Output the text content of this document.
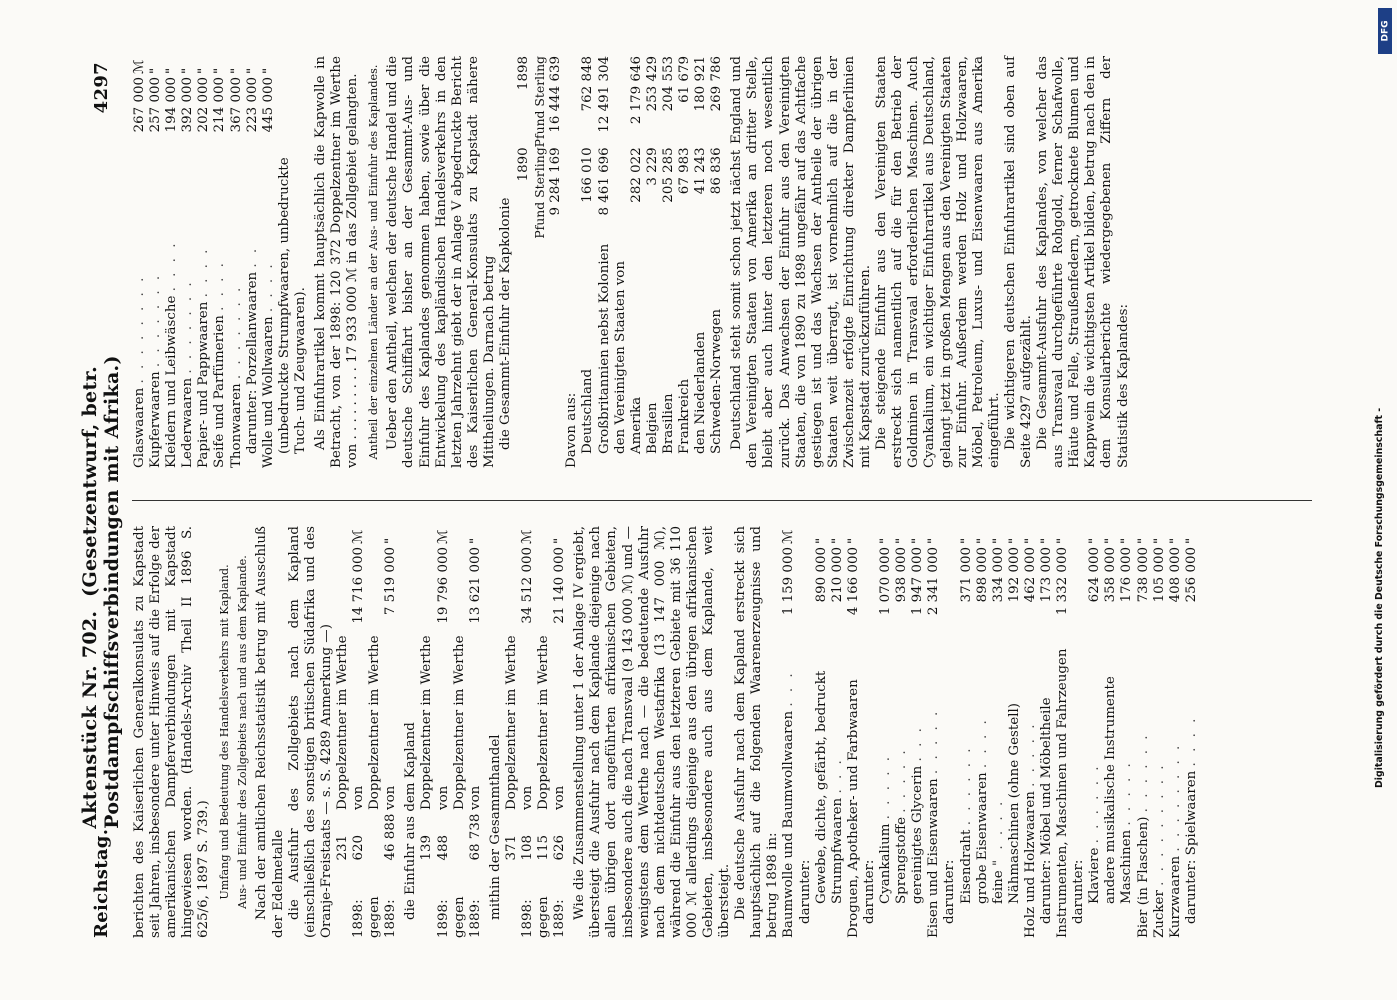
Reichstag.
Aktenstück Nr. 702.  (Gesetzentwurf, betr. Postdampfschiffsverbindungen mit Afrika.)
4297

berichten des Kaiserlichen Generalkonsulats zu Kapstadt seit Jahren, insbesondere unter Hinweis auf die Erfolge der amerikanischen Dampferverbindungen mit Kapstadt hingewiesen worden. (Handels-Archiv Theil II 1896 S. 625/6, 1897 S. 739.) Umfang und Bedeutung des Handelsverkehrs mit Kapland. Aus- und Einfuhr des Zollgebiets nach und aus dem Kaplande. Nach der amtlichen Reichsstatistik betrug mit Ausschluß der Edelmetalle die Ausfuhr des Zollgebiets nach dem Kapland (einschließlich des sonstigen britischen Südafrika und des Oranje-Freistaats — s. S. 4289 Anmerkung —) 1898:	231 620	Doppelzentner im Werthe von	14 716 000	ℳ
gegen 1889:	46 888	Doppelzentner im Werthe von	7 519 000	"

die Einfuhr aus dem Kapland 1898:	139 488	Doppelzentner im Werthe von	19 796 000	ℳ
gegen 1889:	68 738	Doppelzentner im Werthe von	13 621 000	"

mithin der Gesammthandel 1898:	371 108	Doppelzentner im Werthe von	34 512 000	ℳ
gegen 1889:	115 626	Doppelzentner im Werthe von	21 140 000	" Wie die Zusammenstellung unter 1 der Anlage IV ergiebt, übersteigt die Ausfuhr nach dem Kaplande diejenige nach allen übrigen dort angeführten afrikanischen Gebieten, insbesondere auch die nach Transvaal (9 143 000 ℳ) und — wenigstens dem Werthe nach — die bedeutende Ausfuhr nach dem nichtdeutschen Westafrika (13 147 000 ℳ), während die Einfuhr aus den letzteren Gebiete mit 36 110 000 ℳ allerdings diejenige aus den übrigen afrikanischen Gebieten, insbesondere auch aus dem Kaplande, weit übersteigt. Die deutsche Ausfuhr nach dem Kapland erstreckt sich hauptsächlich auf die folgenden Waarenerzeugnisse und betrug 1898 in: Baumwolle und Baumwollwaaren . . .	1 159 000	ℳ
darunter:		
Gewebe, dichte, gefärbt, bedruckt	890 000	"
Strumpfwaaren . . .	210 000	"
Droguen, Apotheker- und Farbwaaren	4 166 000	"
darunter:		
Cyankalium . . . . .	1 070 000	"
Sprengstoffe . . . . .	938 000	"
gereinigtes Glycerin . . .	1 947 000	"
Eisen und Eisenwaaren . . . . .	2 341 000	"
darunter:		
Eisendraht . . . . . .	371 000	"
grobe Eisenwaaren . . . .	898 000	"
feine " . . . .	334 000	"
Nähmaschinen (ohne Gestell)	192 000	"
Holz und Holzwaaren . . . . .	462 000	"
darunter: Möbel und Möbeltheile	173 000	"
Instrumenten, Maschinen und Fahrzeugen	1 332 000	"
darunter:		
Klaviere . . . . . .	624 000	"
andere musikalische Instrumente	358 000	"
Maschinen . . . . .	176 000	"
Bier (in Flaschen) . . . . . .	738 000	"
Zucker . . . . . . . . .	105 000	"
Kurzwaaren . . . . . . . .	408 000	"
darunter: Spielwaaren . . . .	256 000	"
Glaswaaren . . . . . . . .	267 000	ℳ
Kupferwaaren . . . . . . .	257 000	"
Kleidern und Leibwäsche . . . .	194 000	"
Lederwaaren . . . . . . .	392 000	"
Papier- und Pappwaaren . . . .	202 000	"
Seife und Parfümerien . . . .	214 000	"
Thonwaaren . . . . . . .	367 000	"
darunter: Porzellanwaaren . .	223 000	"
Wolle und Wollwaaren . . . .	445 000	"
(unbedruckte Strumpfwaaren, unbedruckte Tuch- und Zeugwaaren).		Als Einfuhrartikel kommt hauptsächlich die Kapwolle in Betracht, von der 1898: 120 372 Doppelzentner im Werthe von . . . . . . . . . 17 933 000 ℳ in das Zollgebiet gelangten. Antheil der einzelnen Länder an der Aus- und Einfuhr des Kaplandes. Ueber den Antheil, welchen der deutsche Handel und die deutsche Schiffahrt bisher an der Gesammt-Aus- und Einfuhr des Kaplandes genommen haben, sowie über die Entwickelung des kapländischen Handelsverkehrs in den letzten Jahrzehnt giebt der in Anlage V abgedruckte Bericht des Kaiserlichen General-Konsulats zu Kapstadt nähere Mittheilungen. Darnach betrug die Gesammt-Einfuhr der Kapkolonie

	1890	1898
	Pfund Sterling	Pfund Sterling
	9 284 169	16 444 639
Davon aus:		
Deutschland	166 010	762 848
Großbritannien nebst Kolonien	8 461 696	12 491 304
den Vereinigten Staaten von Amerika	282 022	2 179 646
Belgien	3 229	253 429
Brasilien	205 285	204 553
Frankreich	67 983	61 679
den Niederlanden	41 243	180 921
Schweden-Norwegen	86 836	269 786 Deutschland steht somit schon jetzt nächst England und den Vereinigten Staaten von Amerika an dritter Stelle, bleibt aber auch hinter den letzteren noch wesentlich zurück. Das Anwachsen der Einfuhr aus den Vereinigten Staaten, die von 1890 zu 1898 ungefähr auf das Achtfache gestiegen ist und das Wachsen der Antheile der übrigen Staaten weit überragt, ist vornehmlich auf die in der Zwischenzeit erfolgte Einrichtung direkter Dampferlinien mit Kapstadt zurückzuführen. Die steigende Einfuhr aus den Vereinigten Staaten erstreckt sich namentlich auf die für den Betrieb der Goldminen in Transvaal erforderlichen Maschinen. Auch Cyankalium, ein wichtiger Einfuhrartikel aus Deutschland, gelangt jetzt in großen Mengen aus den Vereinigten Staaten zur Einfuhr. Außerdem werden Holz und Holzwaaren, Möbel, Petroleum, Luxus- und Eisenwaaren aus Amerika eingeführt. Die wichtigeren deutschen Einfuhrartikel sind oben auf Seite 4297 aufgezählt. Die Gesammt-Ausfuhr des Kaplandes, von welcher das aus Transvaal durchgeführte Rohgold, ferner Schafwolle, Häute und Felle, Straußenfedern, getrocknete Blumen und Kappwein die wichtigsten Artikel bilden, betrug nach den in dem Konsularberichte wiedergegebenen Ziffern der Statistik des Kaplandes:

DFG
Digitalisierung gefördert durch die Deutsche Forschungsgemeinschaft -
